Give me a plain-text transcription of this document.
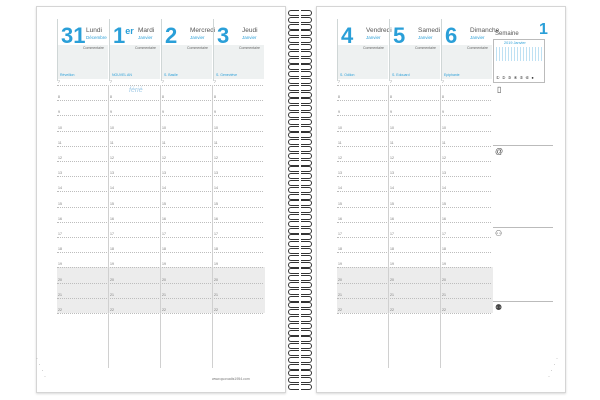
www.quovadis1954.com
31 Lundi
Décembre
Commentaire
Réveillon
1er Mardi
Janvier
Commentaire
NOUVEL AN
2 Mercredi
Janvier
Commentaire
S. Basile
3 Jeudi
Janvier
Commentaire
S. Geneviève
7	7	7	7
8	8	8	8
9	9	9	9
10	10	10	10
11	11	11	11
12	12	12	12
13	13	13	13
14	14	14	14
15	15	15	15
16	16	16	16
17	17	17	17
18	18	18	18
19	19	19	19
20	20	20	20
21	21	21	21
22	22	22	22
férié
Semaine 1
2019 Janvier
① ② ③ ④ ⑤ ⑥ ●
▯
@
⚇
⚉
4 Vendredi
Janvier
Commentaire
S. Odilon
5 Samedi
Janvier
Commentaire
S. Edouard
6 Dimanche
Janvier
Commentaire
Epiphanie
7	7	7
8	8	8
9	9	9
10	10	10
11	11	11
12	12	12
13	13	13
14	14	14
15	15	15
16	16	16
17	17	17
18	18	18
19	19	19
20	20	20
21	21	21
22	22	22
·
·
·
·
·
·
·
·
